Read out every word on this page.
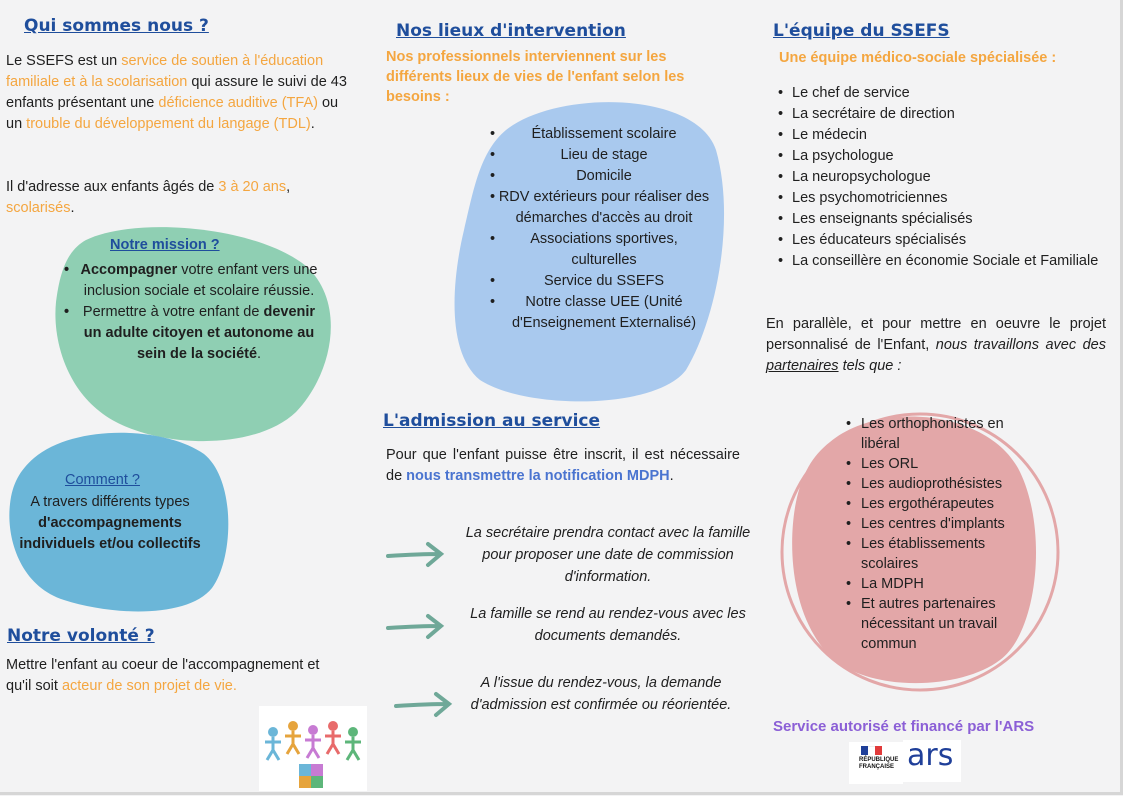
Qui sommes nous ?
Le SSEFS est un service de soutien à l'éducation familiale et à la scolarisation qui assure le suivi de 43 enfants présentant une déficience auditive (TFA) ou un trouble du développement du langage (TDL).
Il d'adresse aux enfants âgés de 3 à 20 ans, scolarisés.
Notre mission ?
• Accompagner votre enfant vers une inclusion sociale et scolaire réussie.
• Permettre à votre enfant de devenir un adulte citoyen et autonome au sein de la société.
Comment ?
A travers différents types
d'accompagnements individuels et/ou collectifs
Notre volonté ?
Mettre l'enfant au coeur de l'accompagnement et qu'il soit acteur de son projet de vie.
Nos lieux d'intervention
Nos professionnels interviennent sur les différents lieux de vies de l'enfant selon les besoins :
•	Établissement scolaire
•	Lieu de stage
•	Domicile
• RDV extérieurs pour réaliser des démarches d'accès au droit
• Associations sportives, culturelles
•	Service du SSEFS
• Notre classe UEE (Unité d'Enseignement Externalisé)
L'admission au service
Pour que l'enfant puisse être inscrit, il est nécessaire de nous transmettre la notification MDPH.
La secrétaire prendra contact avec la famille pour proposer une date de commission d'information.
La famille se rend au rendez-vous avec les documents demandés.
A l'issue du rendez-vous, la demande d'admission est confirmée ou réorientée.
L'équipe du SSEFS
Une équipe médico-sociale spécialisée :
• Le chef de service
• La secrétaire de direction
• Le médecin
• La psychologue
• La neuropsychologue
• Les psychomotriciennes
• Les enseignants spécialisés
• Les éducateurs spécialisés
• La conseillère en économie Sociale et Familiale
En parallèle, et pour mettre en oeuvre le projet personnalisé de l'Enfant, nous travaillons avec des partenaires tels que :
• Les orthophonistes en libéral
• Les ORL
• Les audioprothésistes
• Les ergothérapeutes
• Les centres d'implants
• Les établissements scolaires
• La MDPH
• Et autres partenaires nécessitant un travail commun
Service autorisé et financé par l'ARS
RÉPUBLIQUE FRANÇAISE ars
